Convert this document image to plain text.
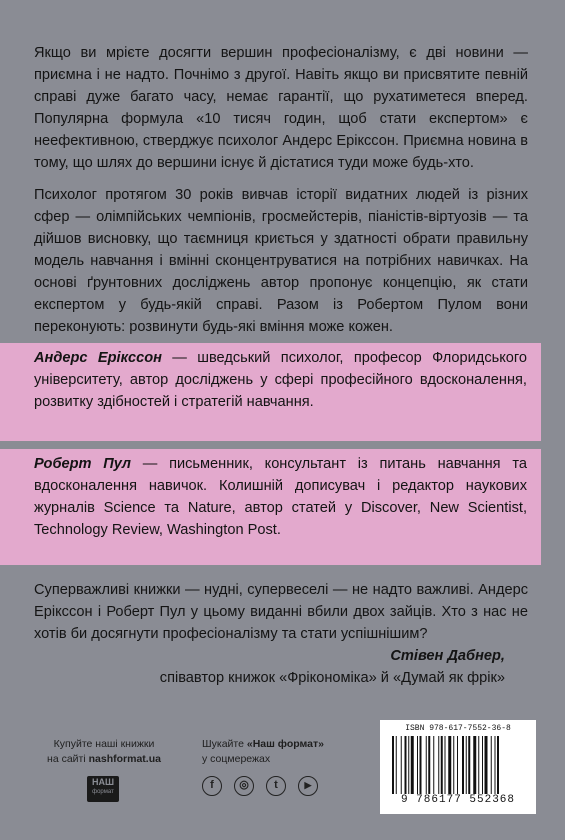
Якщо ви мрієте досягти вершин професіоналізму, є дві новини — приємна і не надто. Почнімо з другої. Навіть якщо ви присвятите певній справі дуже багато часу, немає гарантії, що рухатиметеся вперед. Популярна формула «10 тисяч годин, щоб стати експертом» є неефективною, стверджує психолог Андерс Ерікссон. Приємна новина в тому, що шлях до вершини існує й дістатися туди може будь-хто.

Психолог протягом 30 років вивчав історії видатних людей із різних сфер — олімпійських чемпіонів, гросмейстерів, піаністів-віртуозів — та дійшов висновку, що таємниця криється у здатності обрати правильну модель навчання і вмінні сконцентруватися на потрібних навичках. На основі ґрунтовних досліджень автор пропонує концепцію, як стати експертом у будь-якій справі. Разом із Робертом Пулом вони переконують: розвинути будь-які вміння може кожен.

Андерс Ерікссон — шведський психолог, професор Флоридського університету, автор досліджень у сфері професійного вдосконалення, розвитку здібностей і стратегій навчання.

Роберт Пул — письменник, консультант із питань навчання та вдосконалення навичок. Колишній дописувач і редактор наукових журналів Science та Nature, автор статей у Discover, New Scientist, Technology Review, Washington Post.

Суперважливі книжки — нудні, супервеселі — не надто важливі. Андерс Ерікссон і Роберт Пул у цьому виданні вбили двох зайців. Хто з нас не хотів би досягнути професіоналізму та стати успішнішим?

Стівен Дабнер,
співавтор книжок «Фрікономіка» й «Думай як фрік»
Купуйте наші книжки
на сайті nashformat.ua
НАШ
формат
Шукайте «Наш формат»
у соцмережах
f	◎	t	▶
ISBN 978-617-7552-36-8
9 786177 552368
